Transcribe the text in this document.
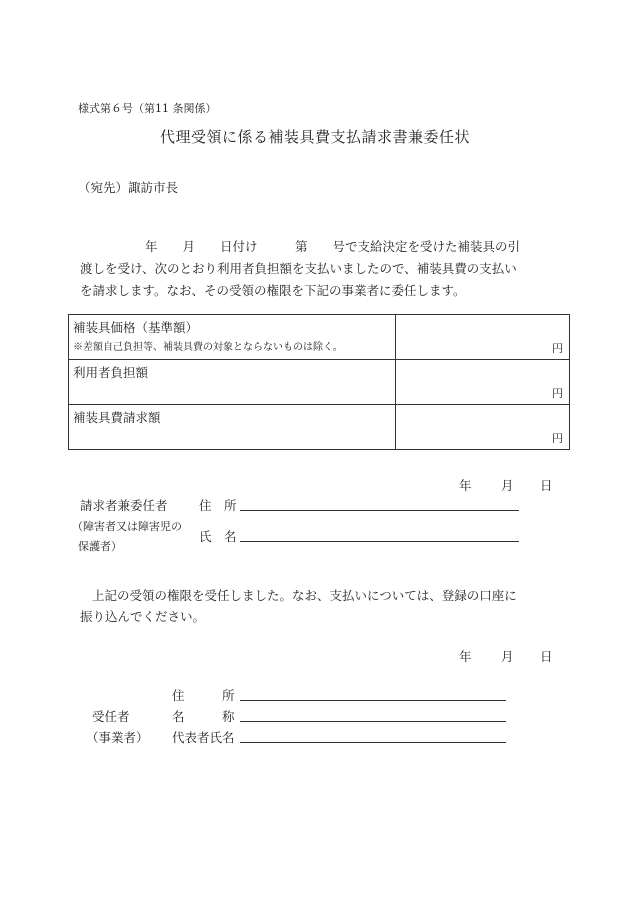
様式第６号（第11 条関係）
代理受領に係る補装具費支払請求書兼委任状
（宛先）諏訪市長
年　　月　　日付け　　　第　　号で支給決定を受けた補装具の引
渡しを受け、次のとおり利用者負担額を支払いましたので、補装具費の支払い
を請求します。なお、その受領の権限を下記の事業者に委任します。
補装具価格（基準額）
※差額自己負担等、補装具費の対象とならないものは除く。	円

利用者負担額	円

補装具費請求額	円
年 月 日
請求者兼委任者
（障害者又は障害児の
保護者）
住　所
氏　名
上記の受領の権限を受任しました。なお、支払いについては、登録の口座に
振り込んでください。
年 月 日
受任者
（事業者）
住　　　所
名　　　称
代表者氏名
